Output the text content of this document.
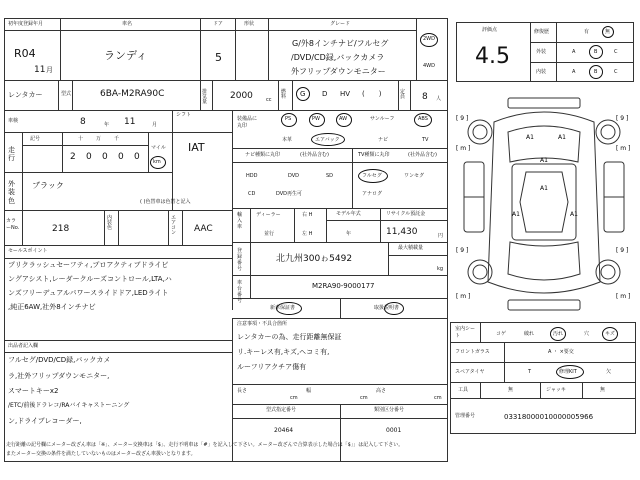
初年度登録年月
R04
11 月
車名
ランディ
ドア
5
形状	グレード
G/外8インチナビ/フルセグ
/DVD/CD録,バックカメラ
外フリップダウンモニター
2WD
4WD
レンタカー	型式	6BA-M2RA90C	排気量
2000	cc
燃料	G D HV (　　)	定員	8 人
車検	8	年 11	月
シフト
IAT
走行
記号	十	万	千
2 0 0 0 0
マイル
km
外装色
ブラック
( )色替車は色替と記入
カラーNo.	218
内装色
エアコン	AAC
セールスポイント
プリクラッシュセーフティ,プロアクティブドライビ
ングアシスト,レーダークルーズコントロール,LTA,ハ
ンズフリーデュアルパワースライドドア,LEDライト
,純正6AW,社外8インチナビ
出品者記入欄
フルセグ/DVD/CD録,バックカメ
ラ,社外フリップダウンモニター,
スマートキーx2
/ETC/前後ドラレコ/RAバイキャストーニング
ン,ドライブレコーダー,
装備品に丸印
PS	PW	AW	サンルーフ	ABS
本革	エアバック	ナビ	TV
ナビ種類に丸印	(社外品含む)
HDD	DVD	SD
CD	DVD再生可
TV種類に丸印	(社外品含む)
フルセグ	ワンセグ
アナログ
輸入車
ディーラー	右 H
並行	左 H
モデル年式
年
リサイクル預託金
11,430	円
登録番号
北九州300ゎ5492
最大積載量
kg
車台番号
M2RA90-9000177
新車保証書	取扱説明書
注意事項・不具合箇所
レンタカーの為、走行距離無保証
リ.キーレス有,キズ,ヘコミ有,
ルーフリアクチア傷有
長さ
cm
幅
cm
高さ
cm
型式指定番号
20464
類別区分番号
0001
評価点
4.5
修復歴	有	無
外装	A	B	C
内装	A	B	C
A1	A1
A1
A1
A1	A1
[ 9 ]
[ m ]
[ 9 ]
[ m ]
[ 9 ]
[ m ]
[ 9 ]
[ m ]
室内シート	コゲ	破れ	汚れ	穴	キズ
フロントガラス	A ・ ×要交
スペアタイヤ	T	修理KIT	欠
工具	無	ジャッキ	無
管理番号	03318000010000005966
走行距離の記号欄にメーター改ざん車は「※」、メーター交換車は「$」、走行不明車は「#」を記入して下さい。メーター改ざんで合算表示した場合は「$」」は記入して下さい。
またメーター交換の条件を満たしていないものはメーター改ざん車扱いとなります。
